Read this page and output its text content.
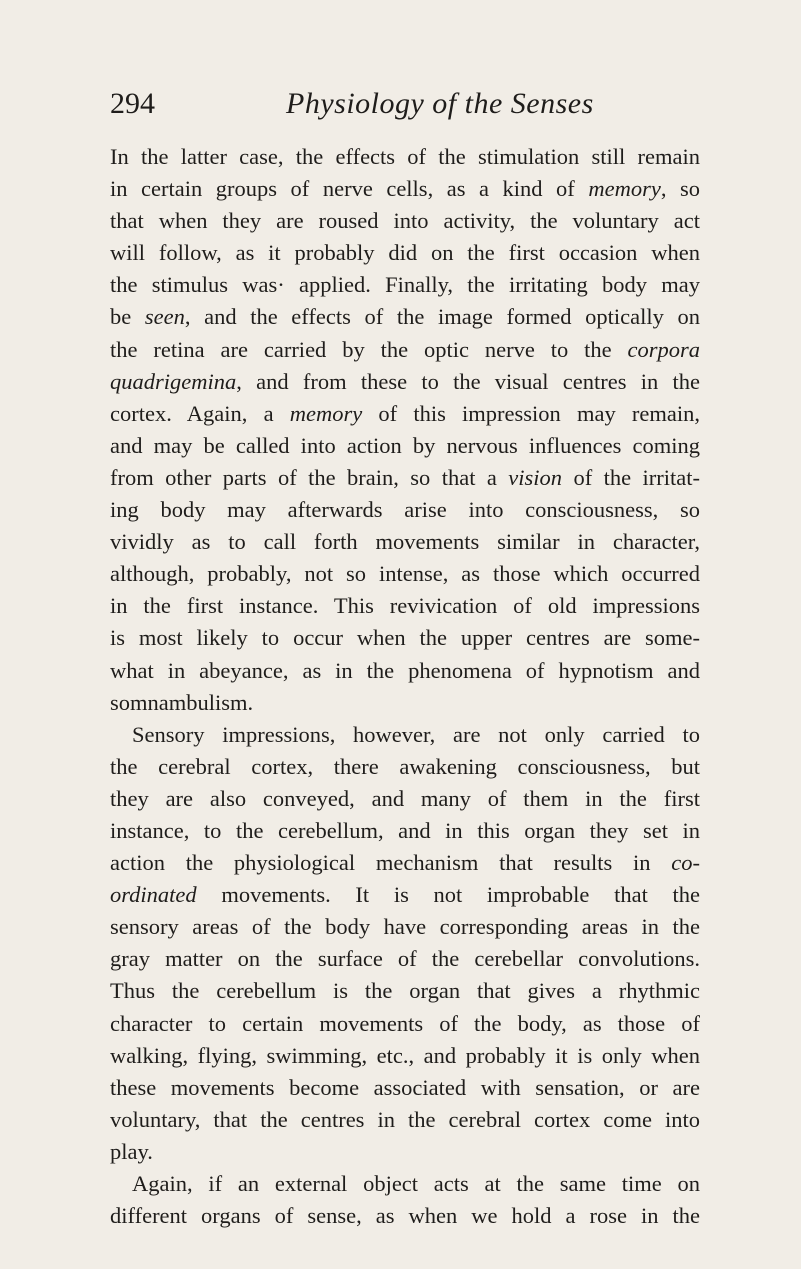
294	Physiology of the Senses
In the latter case, the effects of the stimulation still remain
in certain groups of nerve cells, as a kind of memory, so
that when they are roused into activity, the voluntary act
will follow, as it probably did on the first occasion when
the stimulus was· applied. Finally, the irritating body may
be seen, and the effects of the image formed optically on
the retina are carried by the optic nerve to the corpora
quadrigemina, and from these to the visual centres in the
cortex. Again, a memory of this impression may remain,
and may be called into action by nervous influences coming
from other parts of the brain, so that a vision of the irritat-
ing body may afterwards arise into consciousness, so
vividly as to call forth movements similar in character,
although, probably, not so intense, as those which occurred
in the first instance. This revivication of old impressions
is most likely to occur when the upper centres are some-
what in abeyance, as in the phenomena of hypnotism and
somnambulism.
Sensory impressions, however, are not only carried to
the cerebral cortex, there awakening consciousness, but
they are also conveyed, and many of them in the first
instance, to the cerebellum, and in this organ they set in
action the physiological mechanism that results in co-
ordinated movements. It is not improbable that the
sensory areas of the body have corresponding areas in the
gray matter on the surface of the cerebellar convolutions.
Thus the cerebellum is the organ that gives a rhythmic
character to certain movements of the body, as those of
walking, flying, swimming, etc., and probably it is only when
these movements become associated with sensation, or are
voluntary, that the centres in the cerebral cortex come into
play.
Again, if an external object acts at the same time on
different organs of sense, as when we hold a rose in the
